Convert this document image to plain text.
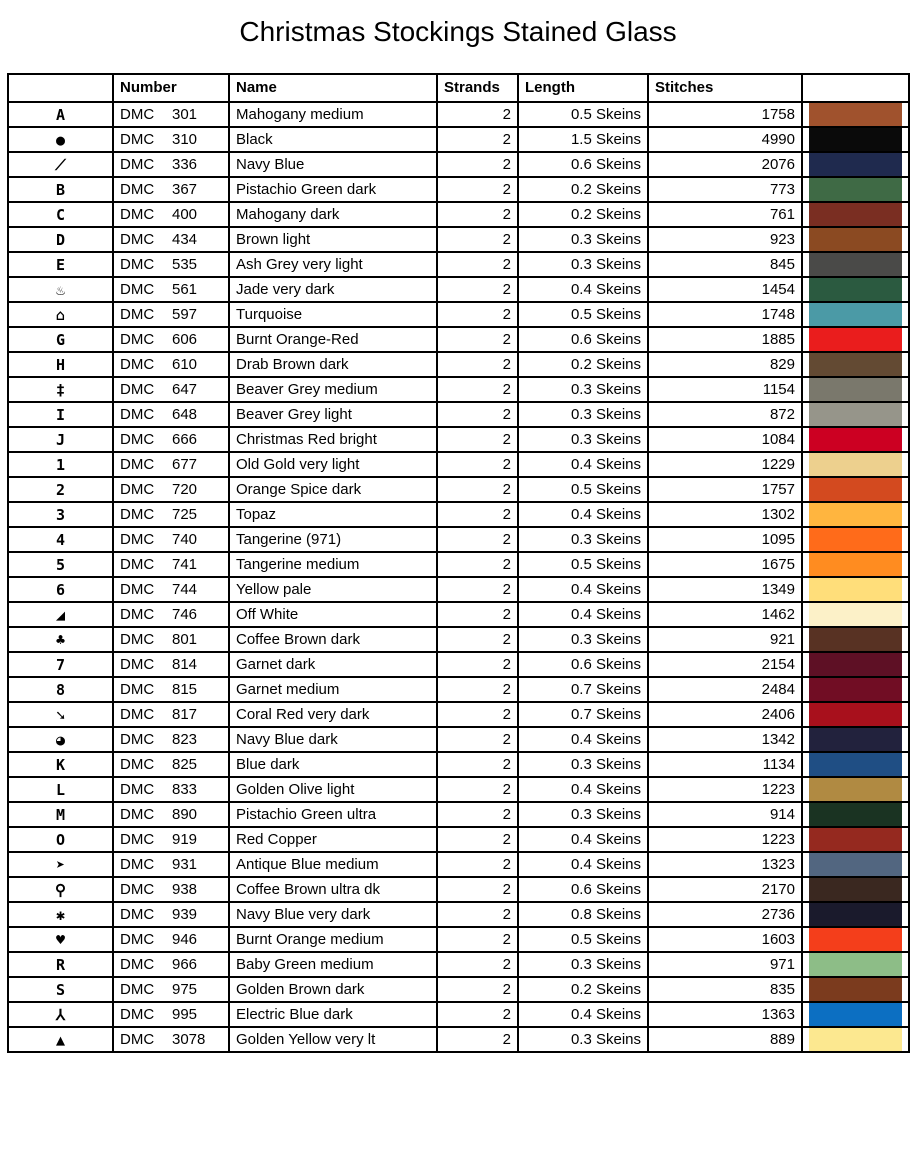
Christmas Stockings Stained Glass
	Number	Name	Strands	Length	Stitches	
A	DMC 301	Mahogany medium	2	0.5 Skeins	1758	

●	DMC 310	Black	2	1.5 Skeins	4990	

⟋	DMC 336	Navy Blue	2	0.6 Skeins	2076	

B	DMC 367	Pistachio Green dark	2	0.2 Skeins	773	

C	DMC 400	Mahogany dark	2	0.2 Skeins	761	

D	DMC 434	Brown light	2	0.3 Skeins	923	

E	DMC 535	Ash Grey very light	2	0.3 Skeins	845	

♨	DMC 561	Jade very dark	2	0.4 Skeins	1454	

⌂	DMC 597	Turquoise	2	0.5 Skeins	1748	

G	DMC 606	Burnt Orange-Red	2	0.6 Skeins	1885	

H	DMC 610	Drab Brown dark	2	0.2 Skeins	829	

‡	DMC 647	Beaver Grey medium	2	0.3 Skeins	1154	

I	DMC 648	Beaver Grey light	2	0.3 Skeins	872	

J	DMC 666	Christmas Red bright	2	0.3 Skeins	1084	

1	DMC 677	Old Gold very light	2	0.4 Skeins	1229	

2	DMC 720	Orange Spice dark	2	0.5 Skeins	1757	

3	DMC 725	Topaz	2	0.4 Skeins	1302	

4	DMC 740	Tangerine (971)	2	0.3 Skeins	1095	

5	DMC 741	Tangerine medium	2	0.5 Skeins	1675	

6	DMC 744	Yellow pale	2	0.4 Skeins	1349	

◢	DMC 746	Off White	2	0.4 Skeins	1462	

♣	DMC 801	Coffee Brown dark	2	0.3 Skeins	921	

7	DMC 814	Garnet dark	2	0.6 Skeins	2154	

8	DMC 815	Garnet medium	2	0.7 Skeins	2484	

➘	DMC 817	Coral Red very dark	2	0.7 Skeins	2406	

◕	DMC 823	Navy Blue dark	2	0.4 Skeins	1342	

K	DMC 825	Blue dark	2	0.3 Skeins	1134	

L	DMC 833	Golden Olive light	2	0.4 Skeins	1223	

M	DMC 890	Pistachio Green ultra	2	0.3 Skeins	914	

O	DMC 919	Red Copper	2	0.4 Skeins	1223	

➤	DMC 931	Antique Blue medium	2	0.4 Skeins	1323	

⚲	DMC 938	Coffee Brown ultra dk	2	0.6 Skeins	2170	

✱	DMC 939	Navy Blue very dark	2	0.8 Skeins	2736	

♥	DMC 946	Burnt Orange medium	2	0.5 Skeins	1603	

R	DMC 966	Baby Green medium	2	0.3 Skeins	971	

S	DMC 975	Golden Brown dark	2	0.2 Skeins	835	

⅄	DMC 995	Electric Blue dark	2	0.4 Skeins	1363	

▲	DMC 3078	Golden Yellow very lt	2	0.3 Skeins	889	
